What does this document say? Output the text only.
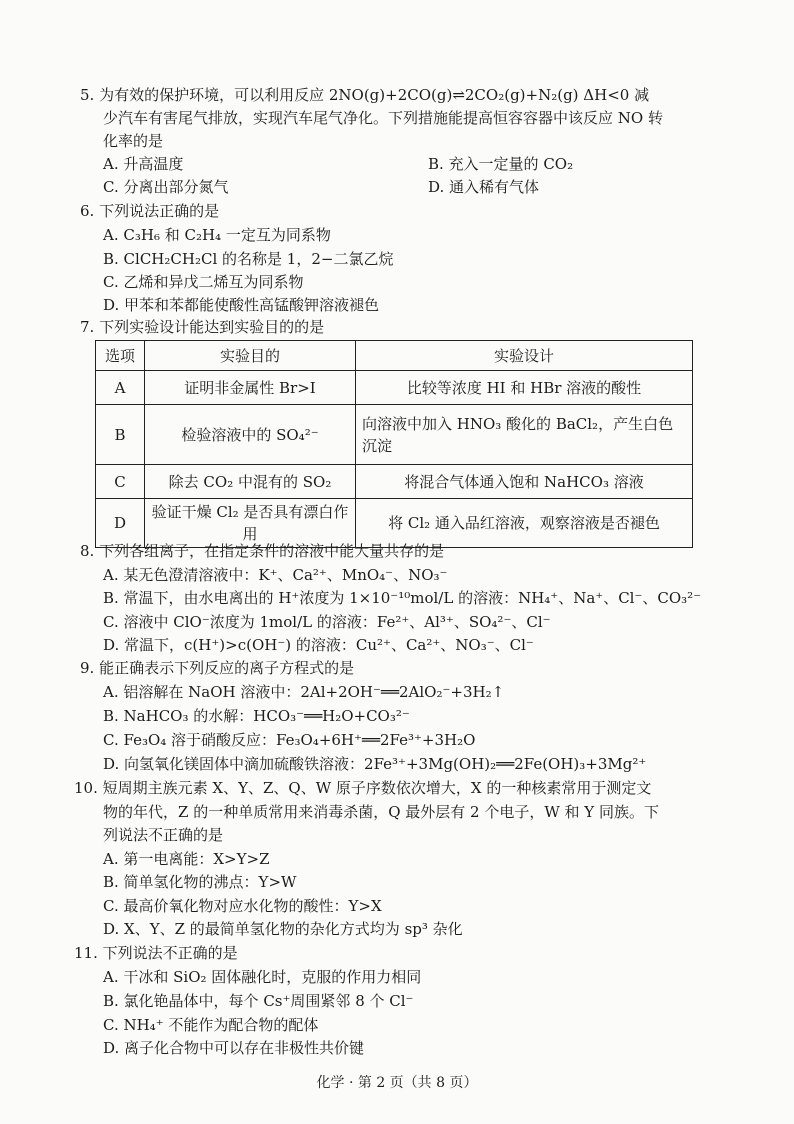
5. 为有效的保护环境，可以利用反应 2NO(g)+2CO(g)⇌2CO₂(g)+N₂(g) ΔH<0 减
少汽车有害尾气排放，实现汽车尾气净化。下列措施能提高恒容容器中该反应 NO 转
化率的是
A. 升高温度	B. 充入一定量的 CO₂
C. 分离出部分氮气	D. 通入稀有气体
6. 下列说法正确的是
A. C₃H₆ 和 C₂H₄ 一定互为同系物
B. ClCH₂CH₂Cl 的名称是 1，2−二氯乙烷
C. 乙烯和异戊二烯互为同系物
D. 甲苯和苯都能使酸性高锰酸钾溶液褪色
7. 下列实验设计能达到实验目的的是
选项	实验目的	实验设计
A	证明非金属性 Br>I	比较等浓度 HI 和 HBr 溶液的酸性
B	检验溶液中的 SO₄²⁻	向溶液中加入 HNO₃ 酸化的 BaCl₂，产生白色沉淀
C	除去 CO₂ 中混有的 SO₂	将混合气体通入饱和 NaHCO₃ 溶液
D	验证干燥 Cl₂ 是否具有漂白作用	将 Cl₂ 通入品红溶液，观察溶液是否褪色
8. 下列各组离子，在指定条件的溶液中能大量共存的是
A. 某无色澄清溶液中：K⁺、Ca²⁺、MnO₄⁻、NO₃⁻
B. 常温下，由水电离出的 H⁺浓度为 1×10⁻¹⁰mol/L 的溶液：NH₄⁺、Na⁺、Cl⁻、CO₃²⁻
C. 溶液中 ClO⁻浓度为 1mol/L 的溶液：Fe²⁺、Al³⁺、SO₄²⁻、Cl⁻
D. 常温下，c(H⁺)>c(OH⁻) 的溶液：Cu²⁺、Ca²⁺、NO₃⁻、Cl⁻
9. 能正确表示下列反应的离子方程式的是
A. 铝溶解在 NaOH 溶液中：2Al+2OH⁻══2AlO₂⁻+3H₂↑
B. NaHCO₃ 的水解：HCO₃⁻══H₂O+CO₃²⁻
C. Fe₃O₄ 溶于硝酸反应：Fe₃O₄+6H⁺══2Fe³⁺+3H₂O
D. 向氢氧化镁固体中滴加硫酸铁溶液：2Fe³⁺+3Mg(OH)₂══2Fe(OH)₃+3Mg²⁺
10. 短周期主族元素 X、Y、Z、Q、W 原子序数依次增大，X 的一种核素常用于测定文
物的年代，Z 的一种单质常用来消毒杀菌，Q 最外层有 2 个电子，W 和 Y 同族。下
列说法不正确的是
A. 第一电离能：X>Y>Z
B. 简单氢化物的沸点：Y>W
C. 最高价氧化物对应水化物的酸性：Y>X
D. X、Y、Z 的最简单氢化物的杂化方式均为 sp³ 杂化
11. 下列说法不正确的是
A. 干冰和 SiO₂ 固体融化时，克服的作用力相同
B. 氯化铯晶体中，每个 Cs⁺周围紧邻 8 个 Cl⁻
C. NH₄⁺ 不能作为配合物的配体
D. 离子化合物中可以存在非极性共价键
化学 · 第 2 页（共 8 页）
